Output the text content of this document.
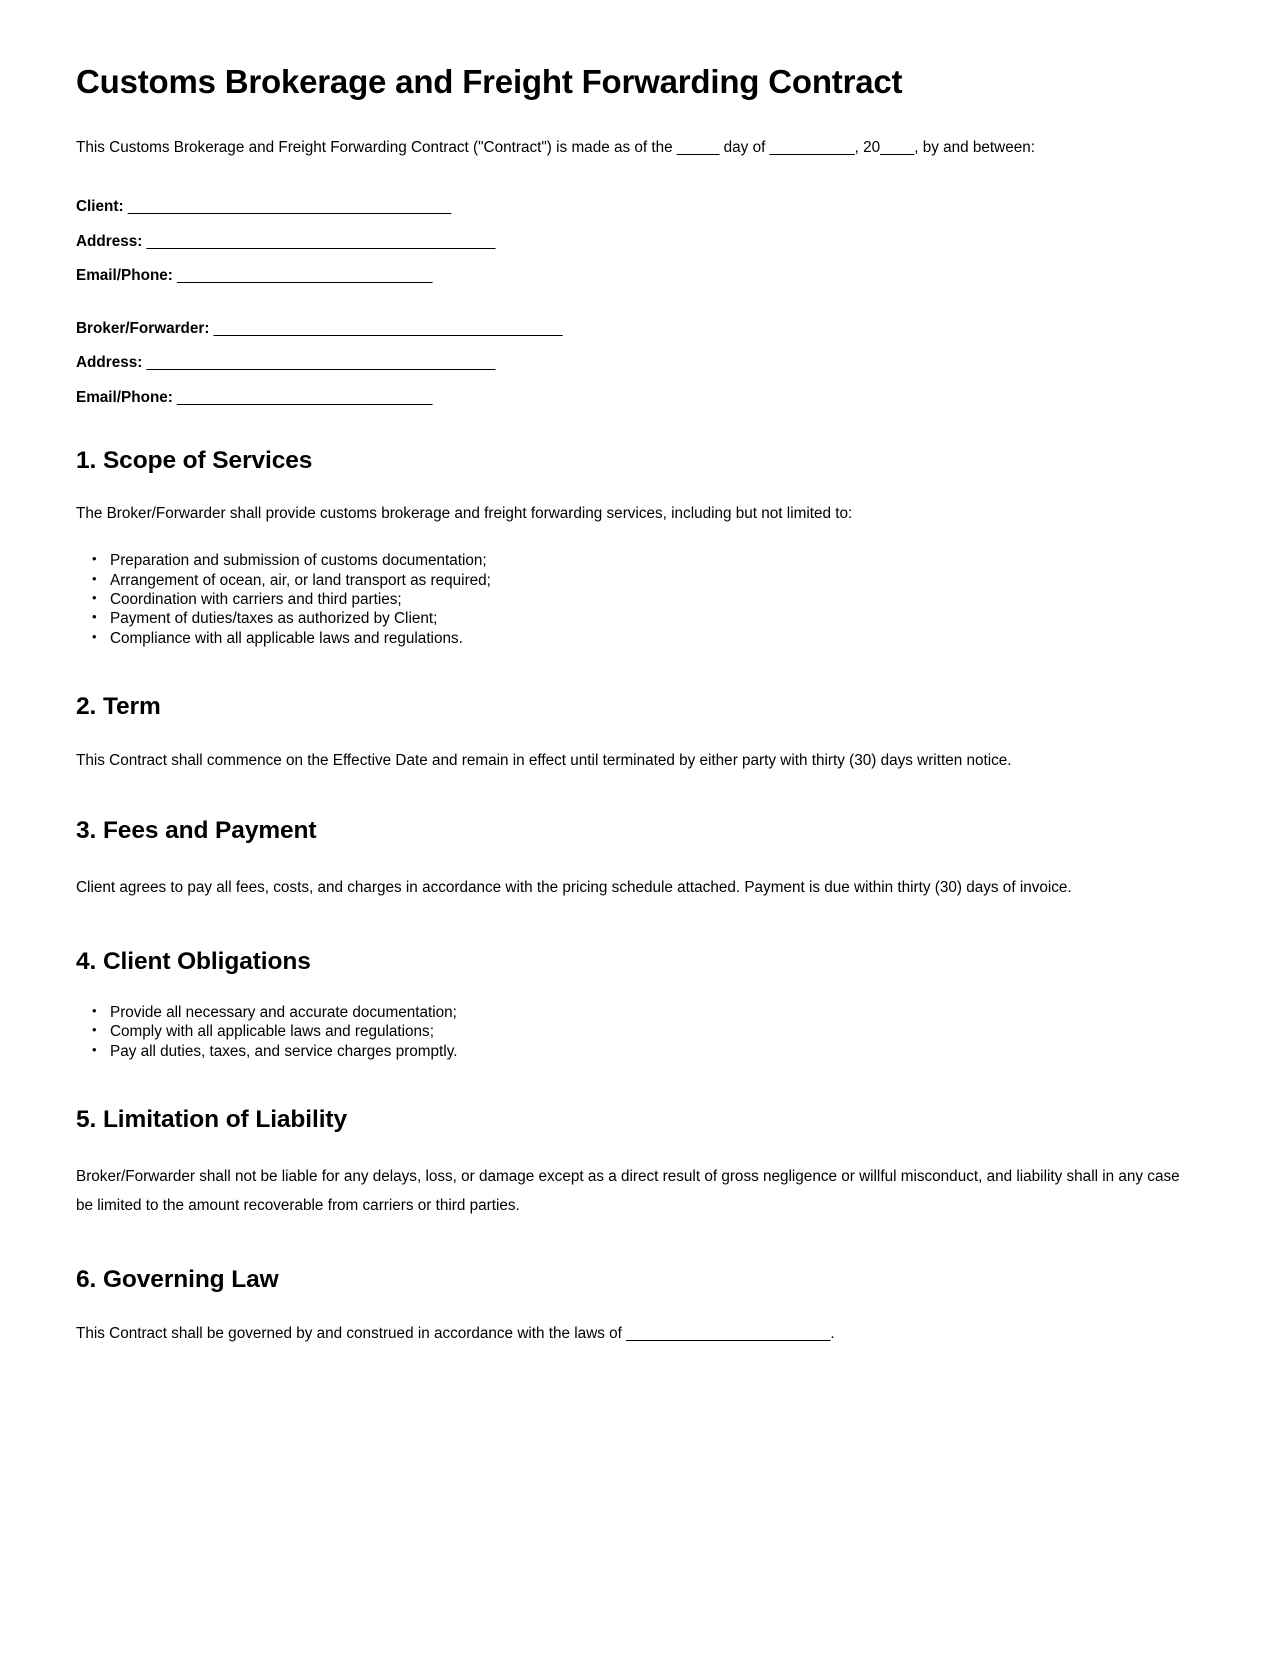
Customs Brokerage and Freight Forwarding Contract

This Customs Brokerage and Freight Forwarding Contract ("Contract") is made as of the _____ day of __________, 20____, by and between:

Client: ______________________________________
Address: _________________________________________
Email/Phone: ______________________________
Broker/Forwarder: _________________________________________
Address: _________________________________________
Email/Phone: ______________________________
1. Scope of Services

The Broker/Forwarder shall provide customs brokerage and freight forwarding services, including but not limited to:

• Preparation and submission of customs documentation;
• Arrangement of ocean, air, or land transport as required;
• Coordination with carriers and third parties;
• Payment of duties/taxes as authorized by Client;
• Compliance with all applicable laws and regulations.
2. Term

This Contract shall commence on the Effective Date and remain in effect until terminated by either party with thirty (30) days written notice.

3. Fees and Payment

Client agrees to pay all fees, costs, and charges in accordance with the pricing schedule attached. Payment is due within thirty (30) days of invoice.

4. Client Obligations
• Provide all necessary and accurate documentation;
• Comply with all applicable laws and regulations;
• Pay all duties, taxes, and service charges promptly.
5. Limitation of Liability

Broker/Forwarder shall not be liable for any delays, loss, or damage except as a direct result of gross negligence or willful misconduct, and liability shall in any case be limited to the amount recoverable from carriers or third parties.

6. Governing Law

This Contract shall be governed by and construed in accordance with the laws of ________________________.
